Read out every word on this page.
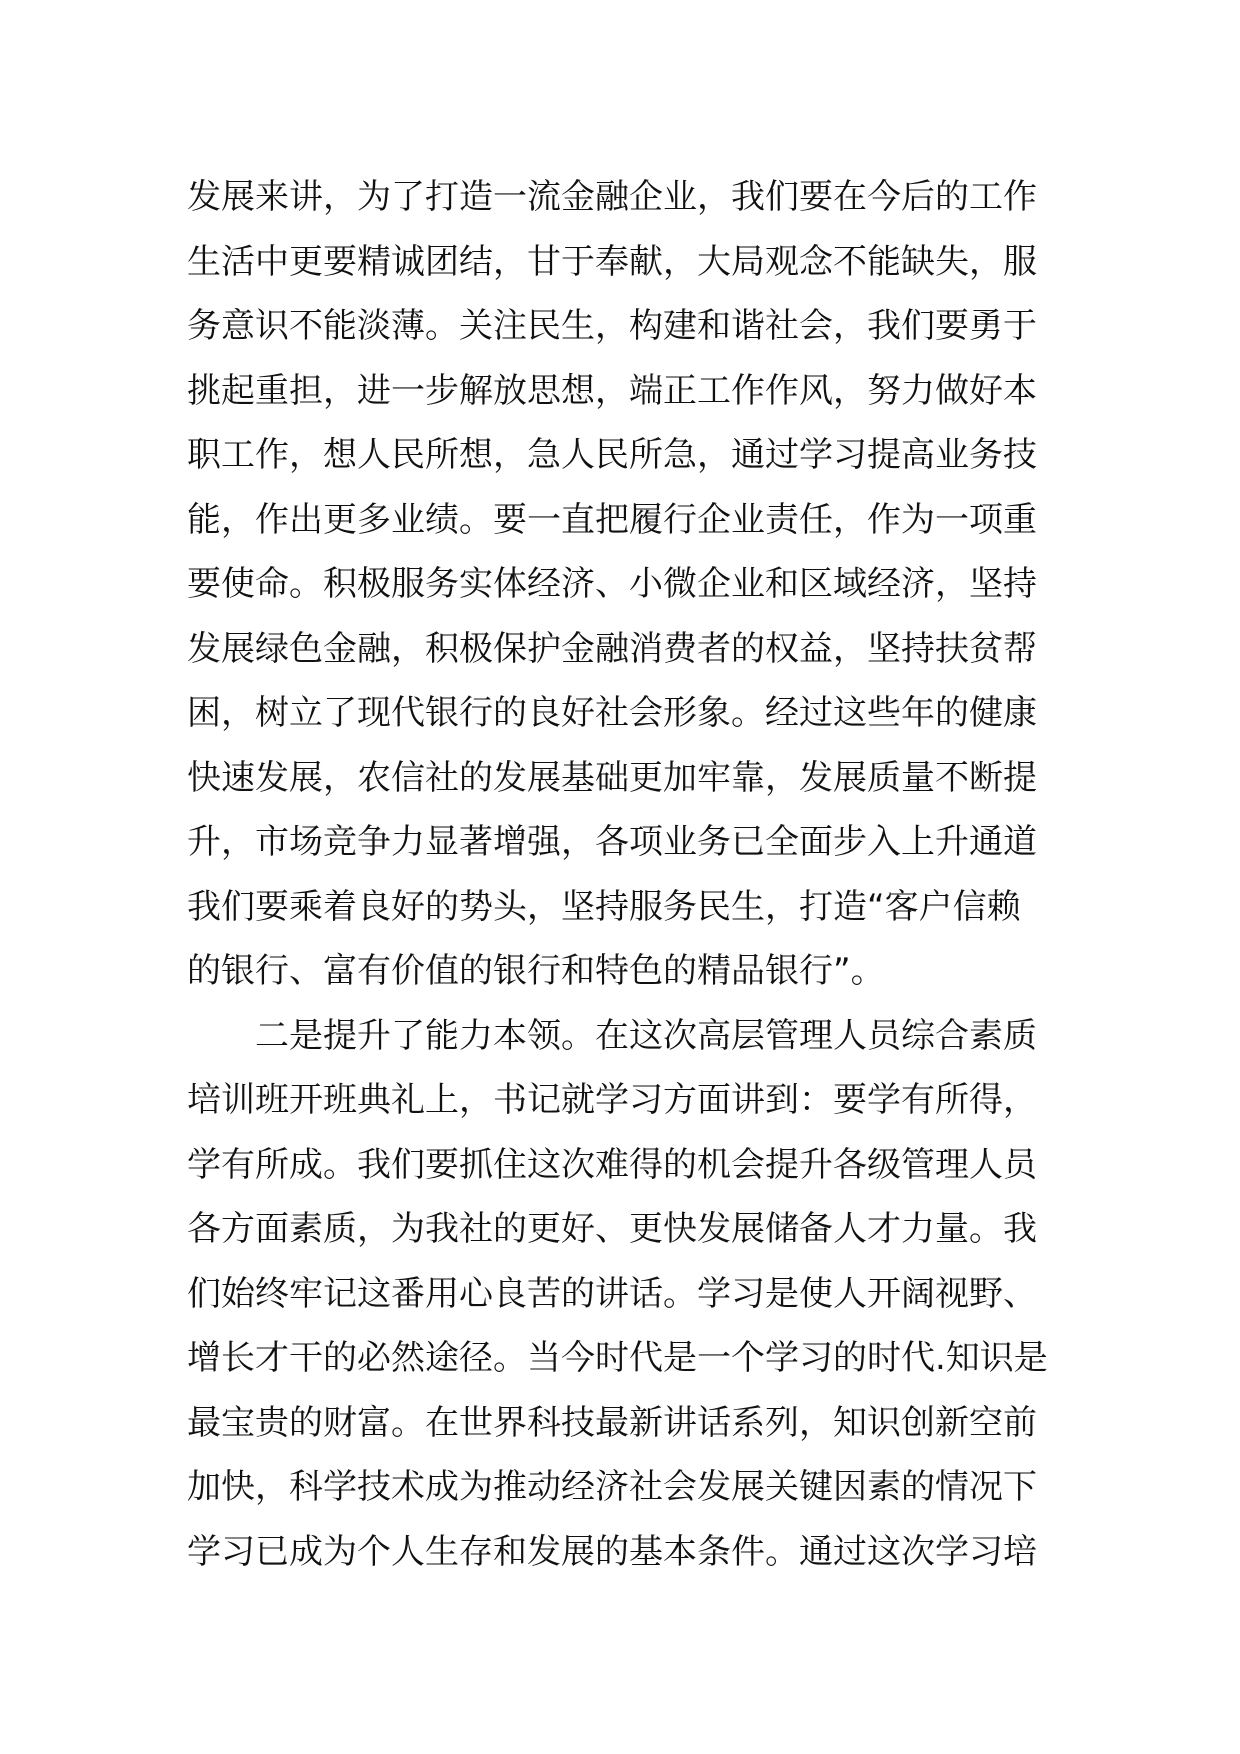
发展来讲，为了打造一流金融企业，我们要在今后的工作
生活中更要精诚团结，甘于奉献，大局观念不能缺失，服
务意识不能淡薄。关注民生，构建和谐社会，我们要勇于
挑起重担，进一步解放思想，端正工作作风，努力做好本
职工作，想人民所想，急人民所急，通过学习提高业务技
能，作出更多业绩。要一直把履行企业责任，作为一项重
要使命。积极服务实体经济、小微企业和区域经济，坚持
发展绿色金融，积极保护金融消费者的权益，坚持扶贫帮
困，树立了现代银行的良好社会形象。经过这些年的健康
快速发展，农信社的发展基础更加牢靠，发展质量不断提
升，市场竞争力显著增强，各项业务已全面步入上升通道
我们要乘着良好的势头，坚持服务民生，打造“客户信赖
的银行、富有价值的银行和特色的精品银行”。
二是提升了能力本领。在这次高层管理人员综合素质
培训班开班典礼上，书记就学习方面讲到：要学有所得，
学有所成。我们要抓住这次难得的机会提升各级管理人员
各方面素质，为我社的更好、更快发展储备人才力量。我
们始终牢记这番用心良苦的讲话。学习是使人开阔视野、
增长才干的必然途径。当今时代是一个学习的时代.知识是
最宝贵的财富。在世界科技最新讲话系列，知识创新空前
加快，科学技术成为推动经济社会发展关键因素的情况下
学习已成为个人生存和发展的基本条件。通过这次学习培
